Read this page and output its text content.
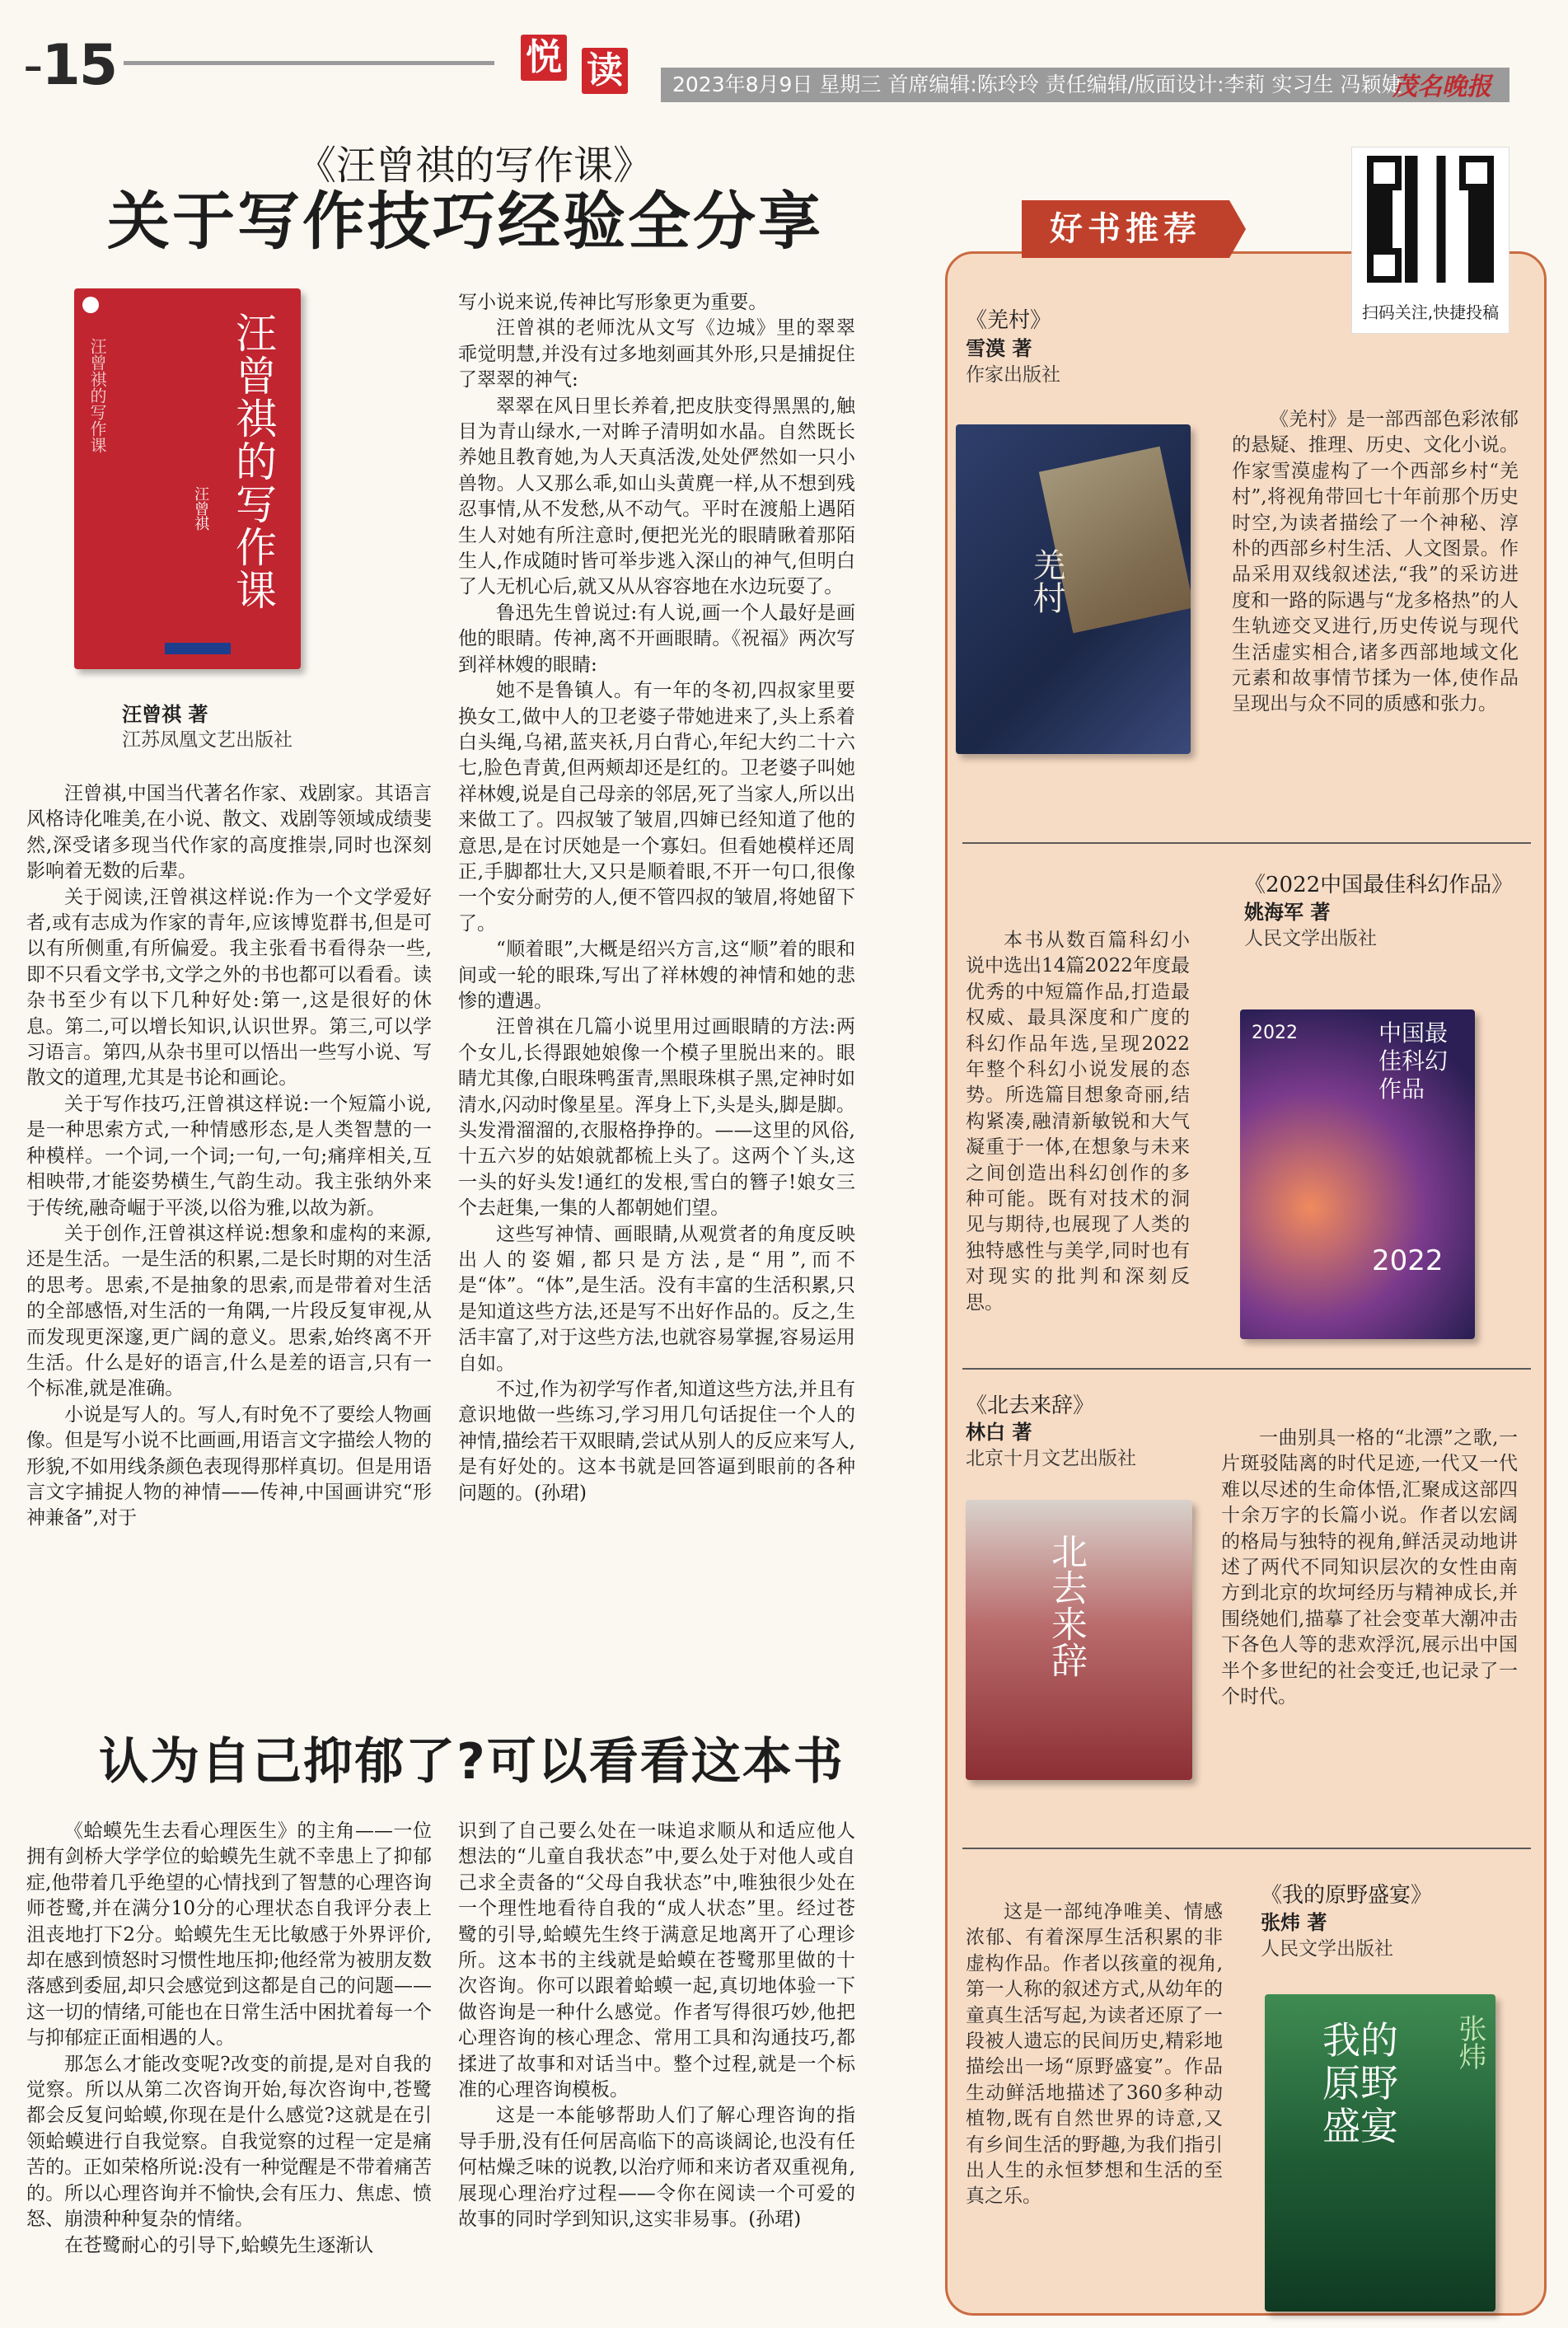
-15	悦 读	2023年8月9日 星期三 首席编辑:陈玲玲 责任编辑/版面设计:李莉 实习生 冯颖婕
茂名晚报
《汪曾祺的写作课》
关于写作技巧经验全分享
汪曾祺的写作课
汪曾祺的写作课
汪曾祺
汪曾祺 著
江苏凤凰文艺出版社

汪曾祺,中国当代著名作家、戏剧家。其语言风格诗化唯美,在小说、散文、戏剧等领域成绩斐然,深受诸多现当代作家的高度推崇,同时也深刻影响着无数的后辈。

关于阅读,汪曾祺这样说:作为一个文学爱好者,或有志成为作家的青年,应该博览群书,但是可以有所侧重,有所偏爱。我主张看书看得杂一些,即不只看文学书,文学之外的书也都可以看看。读杂书至少有以下几种好处:第一,这是很好的休息。第二,可以增长知识,认识世界。第三,可以学习语言。第四,从杂书里可以悟出一些写小说、写散文的道理,尤其是书论和画论。

关于写作技巧,汪曾祺这样说:一个短篇小说,是一种思索方式,一种情感形态,是人类智慧的一种模样。一个词,一个词;一句,一句;痛痒相关,互相映带,才能姿势横生,气韵生动。我主张纳外来于传统,融奇崛于平淡,以俗为雅,以故为新。

关于创作,汪曾祺这样说:想象和虚构的来源,还是生活。一是生活的积累,二是长时期的对生活的思考。思索,不是抽象的思索,而是带着对生活的全部感悟,对生活的一角隅,一片段反复审视,从而发现更深邃,更广阔的意义。思索,始终离不开生活。什么是好的语言,什么是差的语言,只有一个标准,就是准确。

小说是写人的。写人,有时免不了要绘人物画像。但是写小说不比画画,用语言文字描绘人物的形貌,不如用线条颜色表现得那样真切。但是用语言文字捕捉人物的神情——传神,中国画讲究“形神兼备”,对于

写小说来说,传神比写形象更为重要。

汪曾祺的老师沈从文写《边城》里的翠翠乖觉明慧,并没有过多地刻画其外形,只是捕捉住了翠翠的神气:

翠翠在风日里长养着,把皮肤变得黑黑的,触目为青山绿水,一对眸子清明如水晶。自然既长养她且教育她,为人天真活泼,处处俨然如一只小兽物。人又那么乖,如山头黄麂一样,从不想到残忍事情,从不发愁,从不动气。平时在渡船上遇陌生人对她有所注意时,便把光光的眼睛瞅着那陌生人,作成随时皆可举步逃入深山的神气,但明白了人无机心后,就又从从容容地在水边玩耍了。

鲁迅先生曾说过:有人说,画一个人最好是画他的眼睛。传神,离不开画眼睛。《祝福》两次写到祥林嫂的眼睛:

她不是鲁镇人。有一年的冬初,四叔家里要换女工,做中人的卫老婆子带她进来了,头上系着白头绳,乌裙,蓝夹袄,月白背心,年纪大约二十六七,脸色青黄,但两颊却还是红的。卫老婆子叫她祥林嫂,说是自己母亲的邻居,死了当家人,所以出来做工了。四叔皱了皱眉,四婶已经知道了他的意思,是在讨厌她是一个寡妇。但看她模样还周正,手脚都壮大,又只是顺着眼,不开一句口,很像一个安分耐劳的人,便不管四叔的皱眉,将她留下了。

“顺着眼”,大概是绍兴方言,这“顺”着的眼和间或一轮的眼珠,写出了祥林嫂的神情和她的悲惨的遭遇。

汪曾祺在几篇小说里用过画眼睛的方法:两个女儿,长得跟她娘像一个模子里脱出来的。眼睛尤其像,白眼珠鸭蛋青,黑眼珠棋子黑,定神时如清水,闪动时像星星。浑身上下,头是头,脚是脚。头发滑溜溜的,衣服格挣挣的。——这里的风俗,十五六岁的姑娘就都梳上头了。这两个丫头,这一头的好头发!通红的发根,雪白的簪子!娘女三个去赶集,一集的人都朝她们望。

这些写神情、画眼睛,从观赏者的角度反映出人的姿媚,都只是方法,是“用”,而不是“体”。“体”,是生活。没有丰富的生活积累,只是知道这些方法,还是写不出好作品的。反之,生活丰富了,对于这些方法,也就容易掌握,容易运用自如。

不过,作为初学写作者,知道这些方法,并且有意识地做一些练习,学习用几句话捉住一个人的神情,描绘若干双眼睛,尝试从别人的反应来写人,是有好处的。这本书就是回答逼到眼前的各种问题的。(孙珺)

认为自己抑郁了?可以看看这本书

《蛤蟆先生去看心理医生》的主角——一位拥有剑桥大学学位的蛤蟆先生就不幸患上了抑郁症,他带着几乎绝望的心情找到了智慧的心理咨询师苍鹭,并在满分10分的心理状态自我评分表上沮丧地打下2分。蛤蟆先生无比敏感于外界评价,却在感到愤怒时习惯性地压抑;他经常为被朋友数落感到委屈,却只会感觉到这都是自己的问题——这一切的情绪,可能也在日常生活中困扰着每一个与抑郁症正面相遇的人。

那怎么才能改变呢?改变的前提,是对自我的觉察。所以从第二次咨询开始,每次咨询中,苍鹭都会反复问蛤蟆,你现在是什么感觉?这就是在引领蛤蟆进行自我觉察。自我觉察的过程一定是痛苦的。正如荣格所说:没有一种觉醒是不带着痛苦的。所以心理咨询并不愉快,会有压力、焦虑、愤怒、崩溃种种复杂的情绪。

在苍鹭耐心的引导下,蛤蟆先生逐渐认

识到了自己要么处在一味追求顺从和适应他人想法的“儿童自我状态”中,要么处于对他人或自己求全责备的“父母自我状态”中,唯独很少处在一个理性地看待自我的“成人状态”里。经过苍鹭的引导,蛤蟆先生终于满意足地离开了心理诊所。这本书的主线就是蛤蟆在苍鹭那里做的十次咨询。你可以跟着蛤蟆一起,真切地体验一下做咨询是一种什么感觉。作者写得很巧妙,他把心理咨询的核心理念、常用工具和沟通技巧,都揉进了故事和对话当中。整个过程,就是一个标准的心理咨询模板。

这是一本能够帮助人们了解心理咨询的指导手册,没有任何居高临下的高谈阔论,也没有任何枯燥乏味的说教,以治疗师和来访者双重视角,展现心理治疗过程——令你在阅读一个可爱的故事的同时学到知识,这实非易事。(孙珺)

好书推荐
扫码关注,快捷投稿
《羌村》
雪漠 著
作家出版社
羌村

《羌村》是一部西部色彩浓郁的悬疑、推理、历史、文化小说。作家雪漠虚构了一个西部乡村“羌村”,将视角带回七十年前那个历史时空,为读者描绘了一个神秘、淳朴的西部乡村生活、人文图景。作品采用双线叙述法,“我”的采访进度和一路的际遇与“龙多格热”的人生轨迹交叉进行,历史传说与现代生活虚实相合,诸多西部地域文化元素和故事情节揉为一体,使作品呈现出与众不同的质感和张力。

《2022中国最佳科幻作品》
姚海军 著
人民文学出版社

本书从数百篇科幻小说中选出14篇2022年度最优秀的中短篇作品,打造最权威、最具深度和广度的科幻作品年选,呈现2022年整个科幻小说发展的态势。所选篇目想象奇丽,结构紧凑,融清新敏锐和大气凝重于一体,在想象与未来之间创造出科幻创作的多种可能。既有对技术的洞见与期待,也展现了人类的独特感性与美学,同时也有对现实的批判和深刻反思。

2022	中国最佳科幻作品
2022
《北去来辞》
林白 著
北京十月文艺出版社
北去来辞

一曲别具一格的“北漂”之歌,一片斑驳陆离的时代足迹,一代又一代难以尽述的生命体悟,汇聚成这部四十余万字的长篇小说。作者以宏阔的格局与独特的视角,鲜活灵动地讲述了两代不同知识层次的女性由南方到北京的坎坷经历与精神成长,并围绕她们,描摹了社会变革大潮冲击下各色人等的悲欢浮沉,展示出中国半个多世纪的社会变迁,也记录了一个时代。

《我的原野盛宴》
张炜 著
人民文学出版社

这是一部纯净唯美、情感浓郁、有着深厚生活积累的非虚构作品。作者以孩童的视角,第一人称的叙述方式,从幼年的童真生活写起,为读者还原了一段被人遗忘的民间历史,精彩地描绘出一场“原野盛宴”。作品生动鲜活地描述了360多种动植物,既有自然世界的诗意,又有乡间生活的野趣,为我们指引出人生的永恒梦想和生活的至真之乐。

我的原野盛宴
张炜
